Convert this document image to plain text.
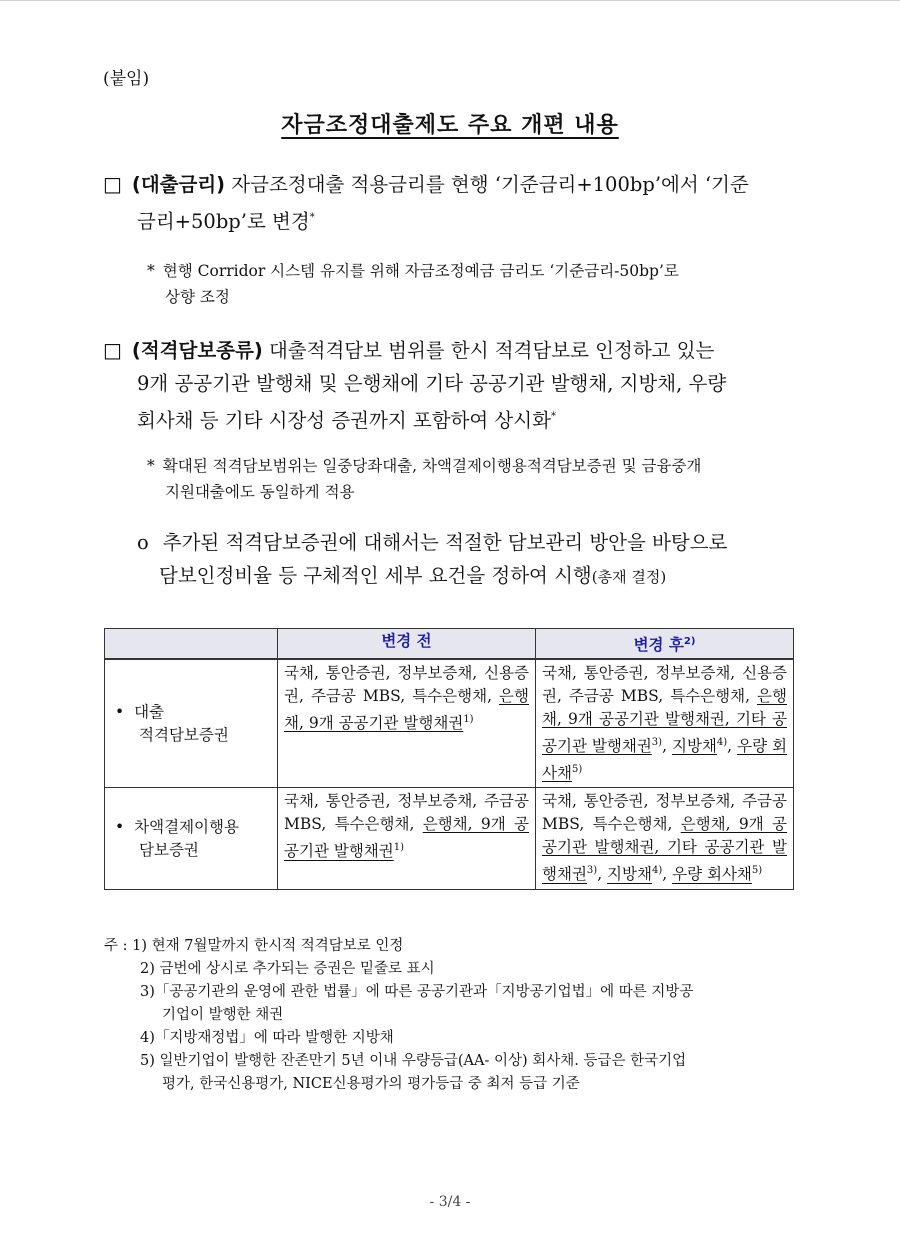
(붙임)
자금조정대출제도 주요 개편 내용
□ (대출금리) 자금조정대출 적용금리를 현행 ‘기준금리+100bp’에서 ‘기준
금리+50bp’로 변경*
* 현행 Corridor 시스템 유지를 위해 자금조정예금 금리도 ‘기준금리-50bp’로

상향 조정
□ (적격담보종류) 대출적격담보 범위를 한시 적격담보로 인정하고 있는
9개 공공기관 발행채 및 은행채에 기타 공공기관 발행채, 지방채, 우량
회사채 등 기타 시장성 증권까지 포함하여 상시화*
* 확대된 적격담보범위는 일중당좌대출, 차액결제이행용적격담보증권 및 금융중개

지원대출에도 동일하게 적용
o 추가된 적격담보증권에 대해서는 적절한 담보관리 방안을 바탕으로
담보인정비율 등 구체적인 세부 요건을 정하여 시행(총재 결정)
	변경 전	변경 후$^{2)}$
• 대출
적격담보증권	국채, 통안증권, 정부보증채, 신용증권, 주금공 MBS, 특수은행채, 은행채, 9개 공공기관 발행채권$^{1)}$	국채, 통안증권, 정부보증채, 신용증권, 주금공 MBS, 특수은행채, 은행채, 9개 공공기관 발행채권, 기타 공공기관 발행채권$^{3)}$, 지방채$^{4)}$, 우량 회사채$^{5)}$
• 차액결제이행용
담보증권	국채, 통안증권, 정부보증채, 주금공 MBS, 특수은행채, 은행채, 9개 공공기관 발행채권$^{1)}$	국채, 통안증권, 정부보증채, 주금공 MBS, 특수은행채, 은행채, 9개 공공기관 발행채권, 기타 공공기관 발행채권$^{3)}$, 지방채$^{4)}$, 우량 회사채$^{5)}$
주 : 1) 현재 7월말까지 한시적 적격담보로 인정
2) 금번에 상시로 추가되는 증권은 밑줄로 표시
3)「공공기관의 운영에 관한 법률」에 따른 공공기관과「지방공기업법」에 따른 지방공
기업이 발행한 채권
4)「지방재정법」에 따라 발행한 지방채
5) 일반기업이 발행한 잔존만기 5년 이내 우량등급(AA- 이상) 회사채. 등급은 한국기업
평가, 한국신용평가, NICE신용평가의 평가등급 중 최저 등급 기준
- 3/4 -
